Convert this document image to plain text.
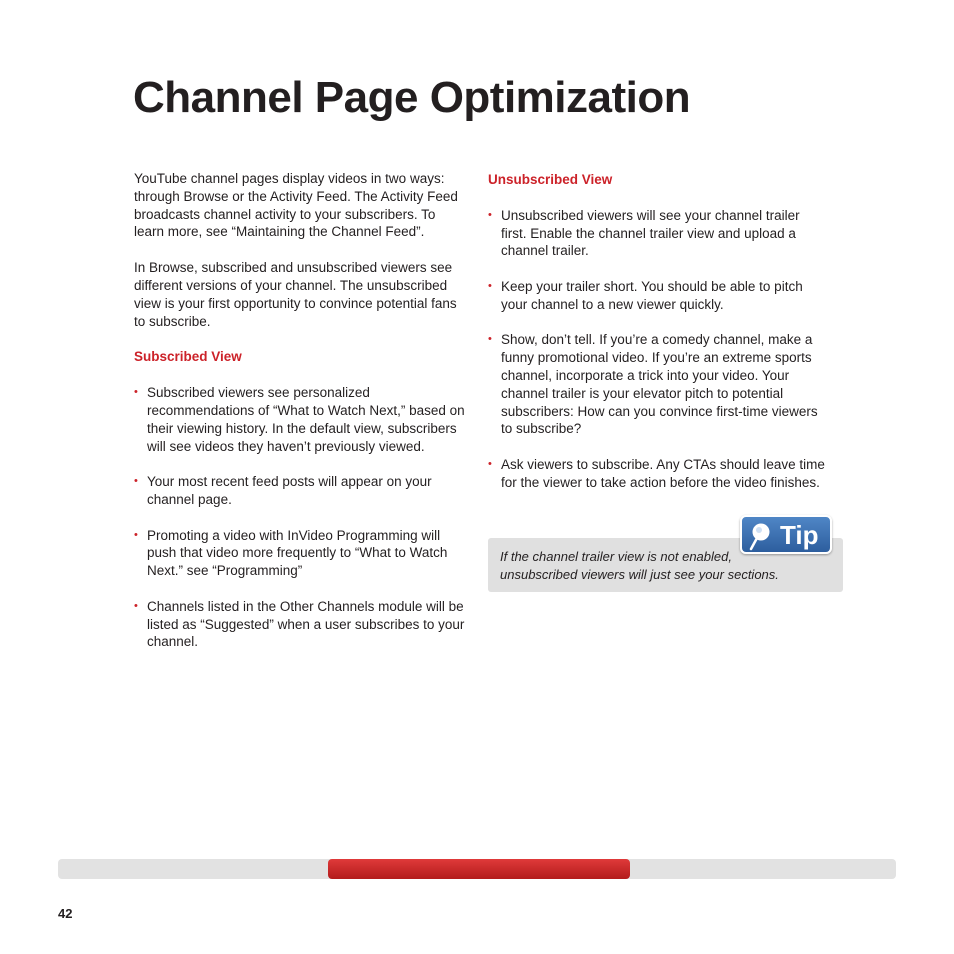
Channel Page Optimization

YouTube channel pages display videos in two ways: through Browse or the Activity Feed. The Activity Feed broadcasts channel activity to your subscribers. To learn more, see “Maintaining the Channel Feed”.

In Browse, subscribed and unsubscribed viewers see different versions of your channel. The unsubscribed view is your first opportunity to convince potential fans to subscribe.

Subscribed View

• Subscribed viewers see personalized recommendations of “What to Watch Next,” based on their viewing history. In the default view, subscribers will see videos they haven’t previously viewed.
• Your most recent feed posts will appear on your channel page.
• Promoting a video with InVideo Programming will push that video more frequently to “What to Watch Next.” see “Programming”
• Channels listed in the Other Channels module will be listed as “Suggested” when a user subscribes to your channel.

Unsubscribed View

• Unsubscribed viewers will see your channel trailer first. Enable the channel trailer view and upload a channel trailer.
• Keep your trailer short. You should be able to pitch your channel to a new viewer quickly.
• Show, don’t tell. If you’re a comedy channel, make a funny promotional video. If you’re an extreme sports channel, incorporate a trick into your video. Your channel trailer is your elevator pitch to potential subscribers: How can you convince first-time viewers to subscribe?
• Ask viewers to subscribe. Any CTAs should leave time for the viewer to take action before the video finishes.
If the channel trailer view is not enabled,
unsubscribed viewers will just see your sections.
Tip
42
